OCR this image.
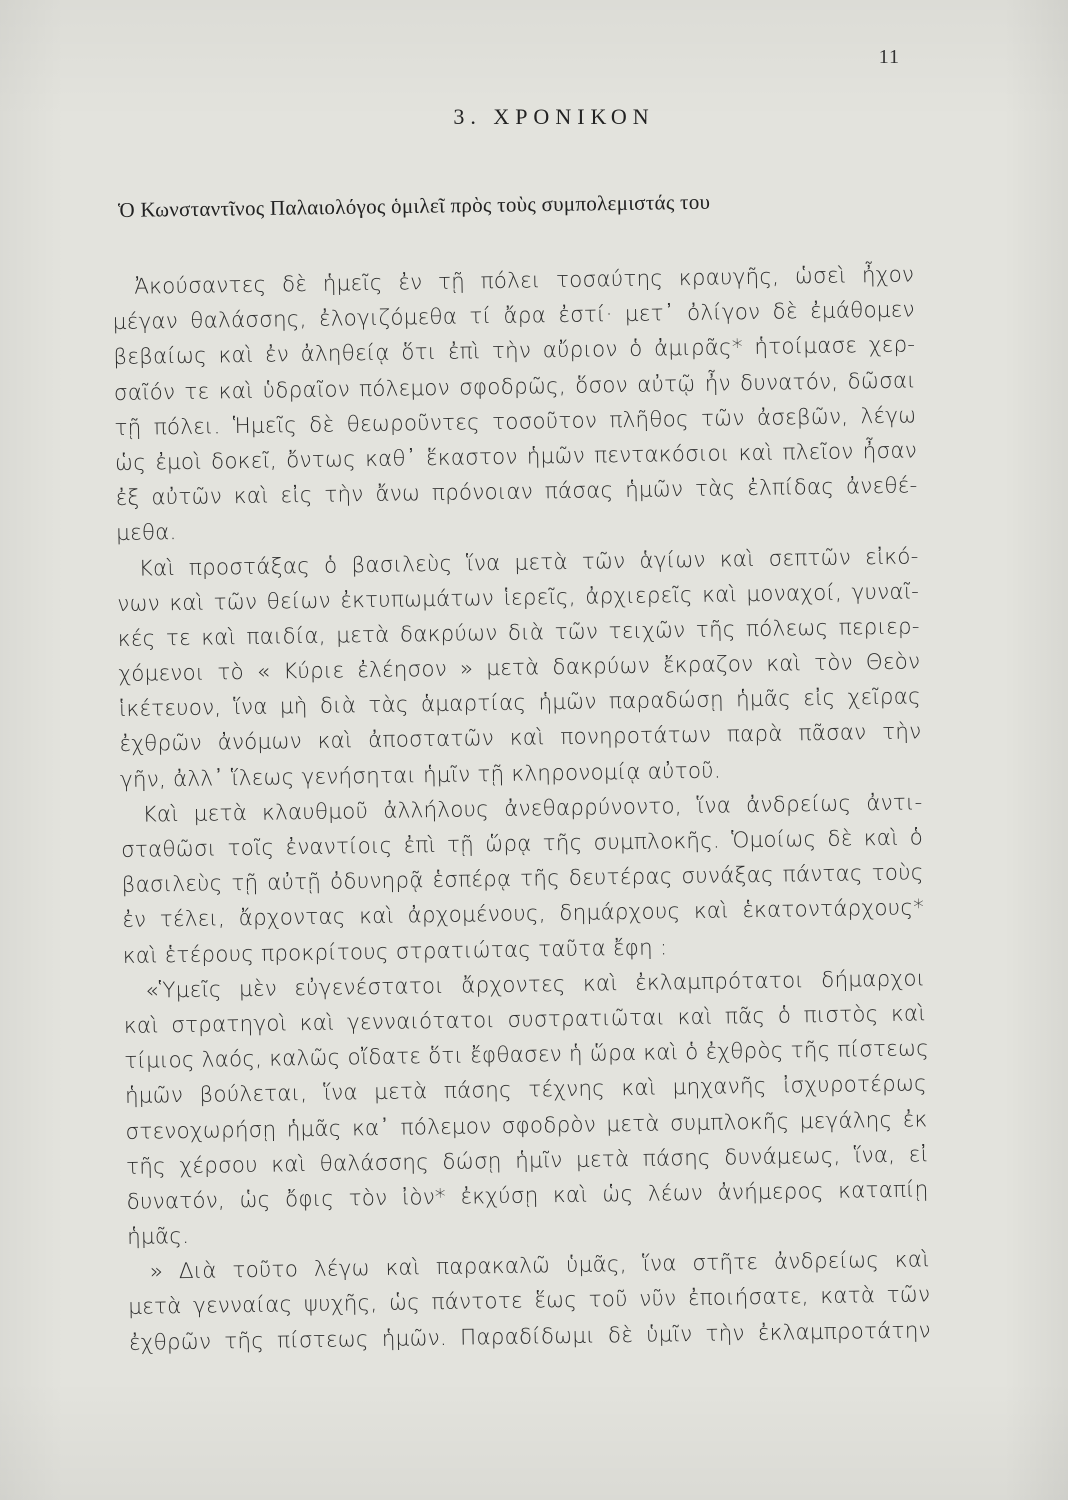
11
3. ΧΡΟΝΙΚΟΝ
Ὁ Κωνσταντῖνος Παλαιολόγος ὁμιλεῖ πρὸς τοὺς συμπολεμιστάς του
Ἀκούσαντες δὲ ἡμεῖς ἐν τῇ πόλει τοσαύτης κραυγῆς, ὡσεὶ ἦχον
μέγαν θαλάσσης, ἐλογιζόμεθα τί ἄρα ἐστί· μετ᾽ ὀλίγον δὲ ἐμάθομεν
βεβαίως καὶ ἐν ἀληθείᾳ ὅτι ἐπὶ τὴν αὔριον ὁ ἀμιρᾶς* ἡτοίμασε χερ-
σαῖόν τε καὶ ὑδραῖον πόλεμον σφοδρῶς, ὅσον αὐτῷ ἦν δυνατόν, δῶσαι
τῇ πόλει. Ἡμεῖς δὲ θεωροῦντες τοσοῦτον πλῆθος τῶν ἀσεβῶν, λέγω
ὡς ἐμοὶ δοκεῖ, ὄντως καθ᾽ ἕκαστον ἡμῶν πεντακόσιοι καὶ πλεῖον ἦσαν
ἐξ αὐτῶν καὶ εἰς τὴν ἄνω πρόνοιαν πάσας ἡμῶν τὰς ἐλπίδας ἀνεθέ-
μεθα.
Καὶ προστάξας ὁ βασιλεὺς ἵνα μετὰ τῶν ἁγίων καὶ σεπτῶν εἰκό-
νων καὶ τῶν θείων ἐκτυπωμάτων ἱερεῖς, ἀρχιερεῖς καὶ μοναχοί, γυναῖ-
κές τε καὶ παιδία, μετὰ δακρύων διὰ τῶν τειχῶν τῆς πόλεως περιερ-
χόμενοι τὸ « Κύριε ἐλέησον » μετὰ δακρύων ἔκραζον καὶ τὸν Θεὸν
ἱκέτευον, ἵνα μὴ διὰ τὰς ἁμαρτίας ἡμῶν παραδώσῃ ἡμᾶς εἰς χεῖρας
ἐχθρῶν ἀνόμων καὶ ἀποστατῶν καὶ πονηροτάτων παρὰ πᾶσαν τὴν
γῆν, ἀλλ᾽ ἵλεως γενήσηται ἡμῖν τῇ κληρονομίᾳ αὐτοῦ.
Καὶ μετὰ κλαυθμοῦ ἀλλήλους ἀνεθαρρύνοντο, ἵνα ἀνδρείως ἀντι-
σταθῶσι τοῖς ἐναντίοις ἐπὶ τῇ ὥρᾳ τῆς συμπλοκῆς. Ὁμοίως δὲ καὶ ὁ
βασιλεὺς τῇ αὐτῇ ὀδυνηρᾷ ἑσπέρᾳ τῆς δευτέρας συνάξας πάντας τοὺς
ἐν τέλει, ἄρχοντας καὶ ἀρχομένους, δημάρχους καὶ ἑκατοντάρχους*
καὶ ἑτέρους προκρίτους στρατιώτας ταῦτα ἔφη :
«Ὑμεῖς μὲν εὐγενέστατοι ἄρχοντες καὶ ἐκλαμπρότατοι δήμαρχοι
καὶ στρατηγοὶ καὶ γενναιότατοι συστρατιῶται καὶ πᾶς ὁ πιστὸς καὶ
τίμιος λαός, καλῶς οἴδατε ὅτι ἔφθασεν ἡ ὥρα καὶ ὁ ἐχθρὸς τῆς πίστεως
ἡμῶν βούλεται, ἵνα μετὰ πάσης τέχνης καὶ μηχανῆς ἰσχυροτέρως
στενοχωρήσῃ ἡμᾶς κα᾽ πόλεμον σφοδρὸν μετὰ συμπλοκῆς μεγάλης ἐκ
τῆς χέρσου καὶ θαλάσσης δώσῃ ἡμῖν μετὰ πάσης δυνάμεως, ἵνα, εἰ
δυνατόν, ὡς ὄφις τὸν ἰὸν* ἐκχύσῃ καὶ ὡς λέων ἀνήμερος καταπίῃ
ἡμᾶς.
» Διὰ τοῦτο λέγω καὶ παρακαλῶ ὑμᾶς, ἵνα στῆτε ἀνδρείως καὶ
μετὰ γενναίας ψυχῆς, ὡς πάντοτε ἕως τοῦ νῦν ἐποιήσατε, κατὰ τῶν
ἐχθρῶν τῆς πίστεως ἡμῶν. Παραδίδωμι δὲ ὑμῖν τὴν ἐκλαμπροτάτην
